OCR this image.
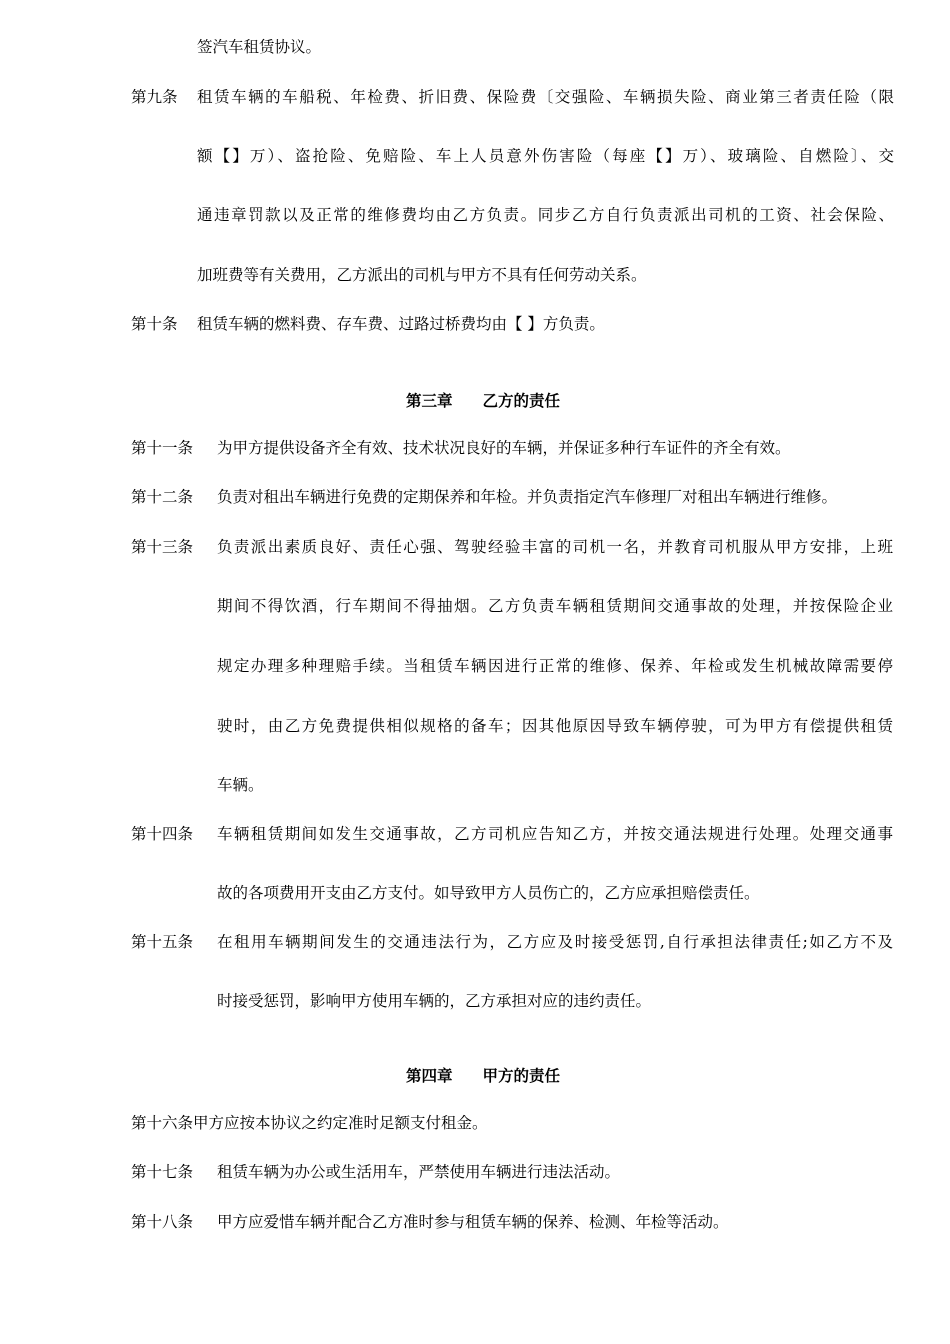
签汽车租赁协议。
第九条 租赁车辆的车船税、年检费、折旧费、保险费〔交强险、车辆损失险、商业第三者责任险（限
额【】万）、盗抢险、免赔险、车上人员意外伤害险（每座【】万）、玻璃险、自燃险〕、交
通违章罚款以及正常的维修费均由乙方负责。同步乙方自行负责派出司机的工资、社会保险、
加班费等有关费用，乙方派出的司机与甲方不具有任何劳动关系。
第十条 租赁车辆的燃料费、存车费、过路过桥费均由【 】方负责。
第三章 乙方的责任
第十一条 为甲方提供设备齐全有效、技术状况良好的车辆，并保证多种行车证件的齐全有效。
第十二条 负责对租出车辆进行免费的定期保养和年检。并负责指定汽车修理厂对租出车辆进行维修。
第十三条 负责派出素质良好、责任心强、驾驶经验丰富的司机一名，并教育司机服从甲方安排，上班
期间不得饮酒，行车期间不得抽烟。乙方负责车辆租赁期间交通事故的处理，并按保险企业
规定办理多种理赔手续。当租赁车辆因进行正常的维修、保养、年检或发生机械故障需要停
驶时，由乙方免费提供相似规格的备车；因其他原因导致车辆停驶，可为甲方有偿提供租赁
车辆。
第十四条 车辆租赁期间如发生交通事故，乙方司机应告知乙方，并按交通法规进行处理。处理交通事
故的各项费用开支由乙方支付。如导致甲方人员伤亡的，乙方应承担赔偿责任。
第十五条 在租用车辆期间发生的交通违法行为，乙方应及时接受惩罚,自行承担法律责任;如乙方不及
时接受惩罚，影响甲方使用车辆的，乙方承担对应的违约责任。
第四章 甲方的责任
第十六条甲方应按本协议之约定准时足额支付租金。
第十七条 租赁车辆为办公或生活用车，严禁使用车辆进行违法活动。
第十八条 甲方应爱惜车辆并配合乙方准时参与租赁车辆的保养、检测、年检等活动。
